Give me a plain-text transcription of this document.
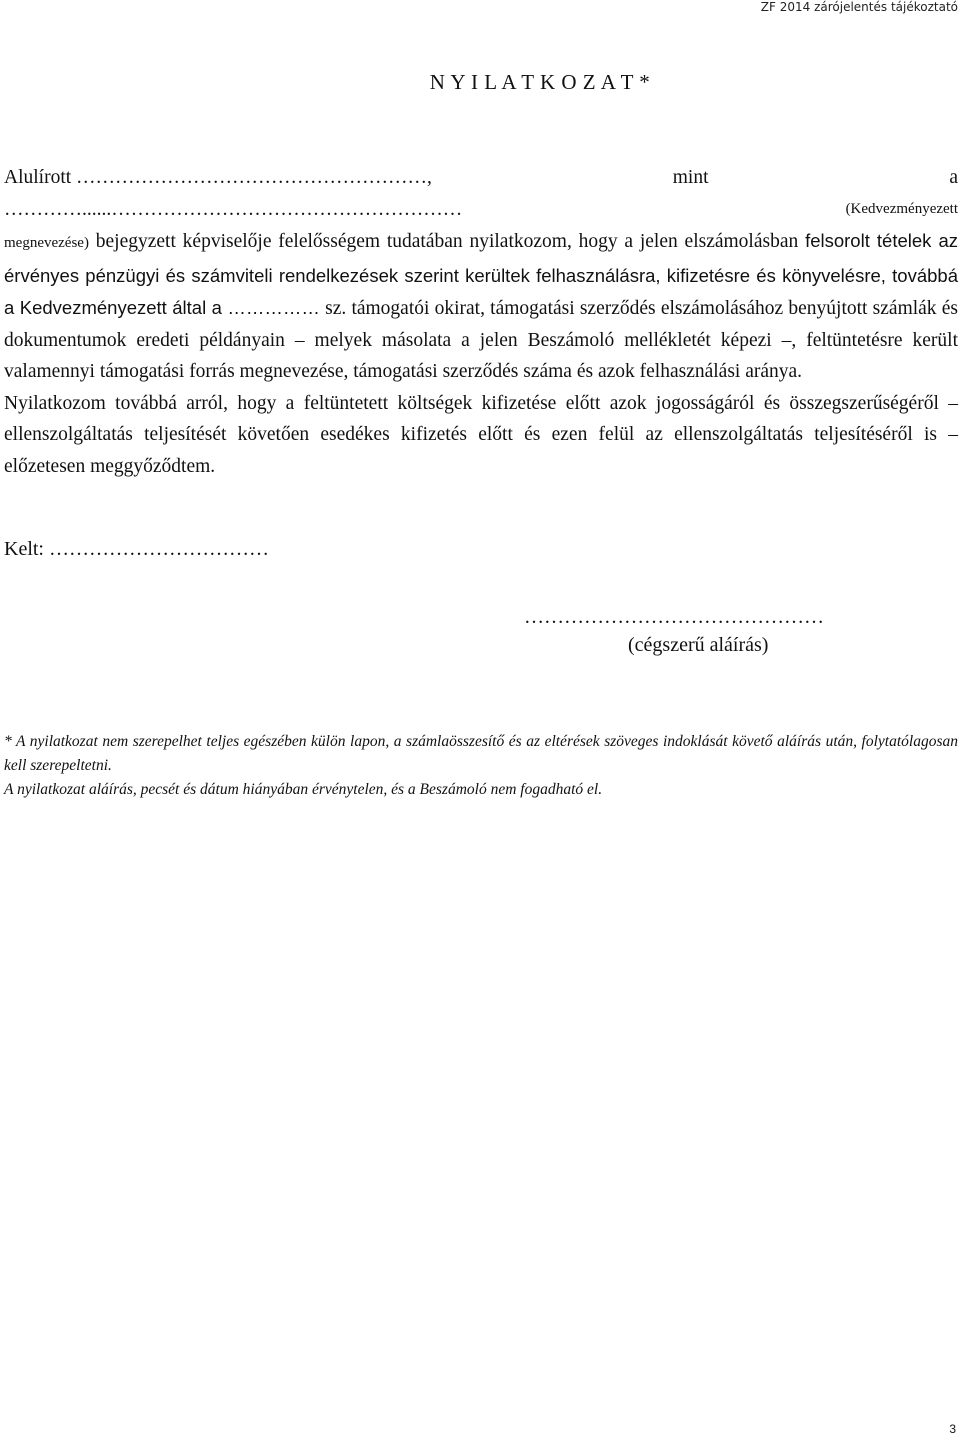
ZF 2014 zárójelentés tájékoztató
N Y I L A T K O Z A T *

Alulírott ………………………………………………,	mint	a
…………......………………………………………………	(Kedvezményezett
megnevezése) bejegyzett képviselője felelősségem tudatában nyilatkozom, hogy a jelen elszámolásban felsorolt tételek az érvényes pénzügyi és számviteli rendelkezések szerint kerültek felhasználásra, kifizetésre és könyvelésre, továbbá a Kedvezményezett által a …………… sz. támogatói okirat, támogatási szerződés elszámolásához benyújtott számlák és dokumentumok eredeti példányain – melyek másolata a jelen Beszámoló mellékletét képezi –, feltüntetésre került valamennyi támogatási forrás megnevezése, támogatási szerződés száma és azok felhasználási aránya.

Nyilatkozom továbbá arról, hogy a feltüntetett költségek kifizetése előtt azok jogosságáról és összegszerűségéről – ellenszolgáltatás teljesítését követően esedékes kifizetés előtt és ezen felül az ellenszolgáltatás teljesítéséről is – előzetesen meggyőződtem.

Kelt: ……………………………
………………………………………
(cégszerű aláírás)

* A nyilatkozat nem szerepelhet teljes egészében külön lapon, a számlaösszesítő és az eltérések szöveges indoklását követő aláírás után, folytatólagosan kell szerepeltetni.

A nyilatkozat aláírás, pecsét és dátum hiányában érvénytelen, és a Beszámoló nem fogadható el.

3
